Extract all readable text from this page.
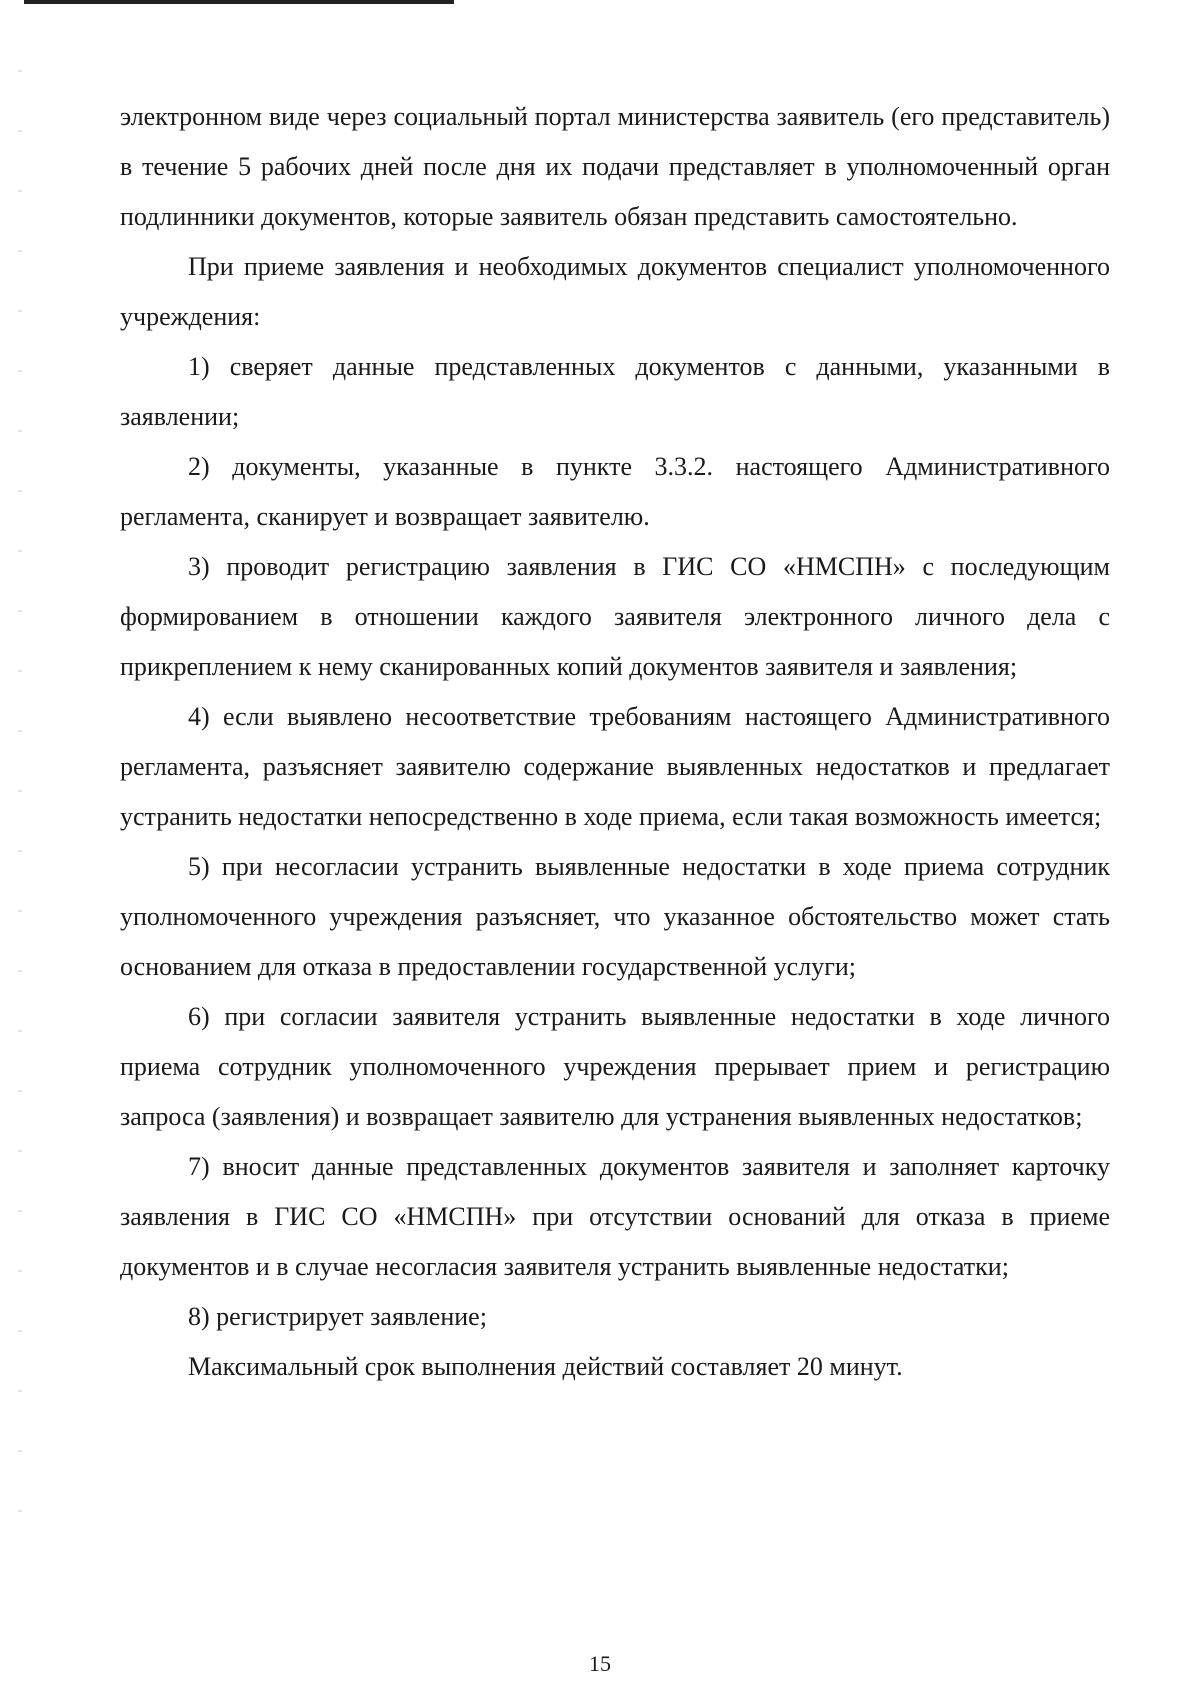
электронном виде через социальный портал министерства заявитель (его представитель) в течение 5 рабочих дней после дня их подачи представляет в уполномоченный орган подлинники документов, которые заявитель обязан представить самостоятельно.

При приеме заявления и необходимых документов специалист уполномоченного учреждения:

1) сверяет данные представленных документов с данными, указанными в заявлении;

2) документы, указанные в пункте 3.3.2. настоящего Административного регламента, сканирует и возвращает заявителю.

3) проводит регистрацию заявления в ГИС СО «НМСПН» с последующим формированием в отношении каждого заявителя электронного личного дела с прикреплением к нему сканированных копий документов заявителя и заявления;

4) если выявлено несоответствие требованиям настоящего Административного регламента, разъясняет заявителю содержание выявленных недостатков и предлагает устранить недостатки непосредственно в ходе приема, если такая возможность имеется;

5) при несогласии устранить выявленные недостатки в ходе приема сотрудник уполномоченного учреждения разъясняет, что указанное обстоятельство может стать основанием для отказа в предоставлении государственной услуги;

6) при согласии заявителя устранить выявленные недостатки в ходе личного приема сотрудник уполномоченного учреждения прерывает прием и регистрацию запроса (заявления) и возвращает заявителю для устранения выявленных недостатков;

7) вносит данные представленных документов заявителя и заполняет карточку заявления в ГИС СО «НМСПН» при отсутствии оснований для отказа в приеме документов и в случае несогласия заявителя устранить выявленные недостатки;

8) регистрирует заявление;

Максимальный срок выполнения действий составляет 20 минут.

15
